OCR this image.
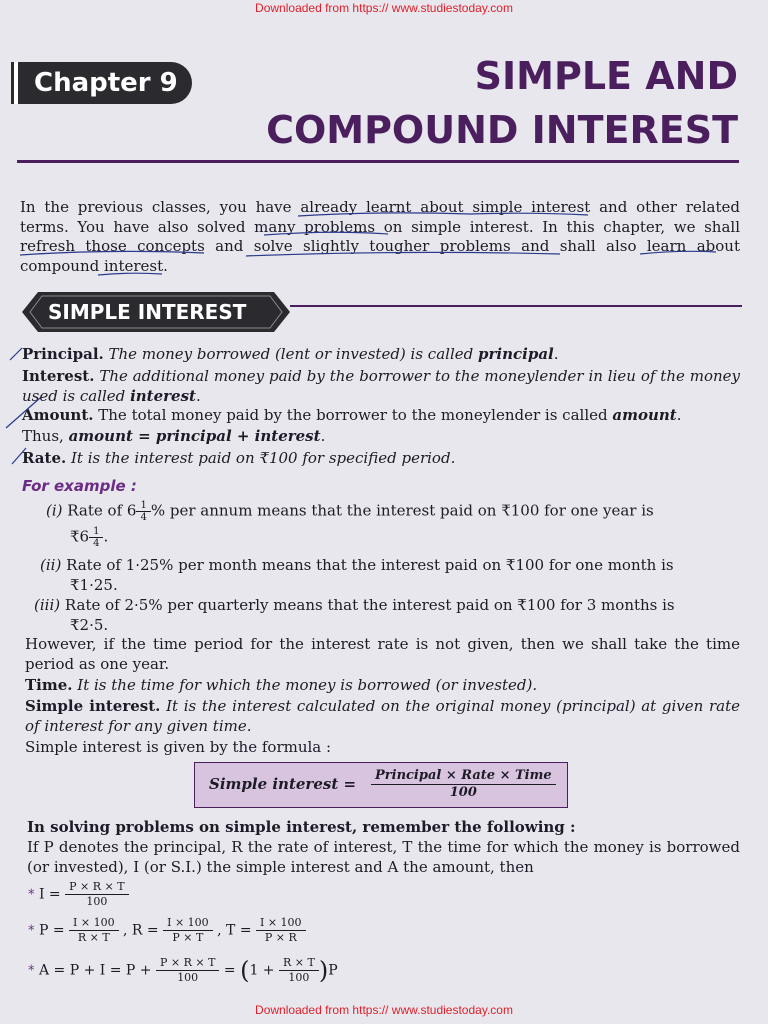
Downloaded from https:// www.studiestoday.com
Chapter 9	SIMPLE AND
COMPOUND INTEREST
In the previous classes, you have already learnt about simple interest and other related terms. You have also solved many problems on simple interest. In this chapter, we shall refresh those concepts and solve slightly tougher problems and shall also learn about compound interest.
SIMPLE INTEREST
Principal. The money borrowed (lent or invested) is called principal.
Interest. The additional money paid by the borrower to the moneylender in lieu of the money used is called interest.
Amount. The total money paid by the borrower to the moneylender is called amount.
Thus, amount = principal + interest.
Rate. It is the interest paid on ₹100 for specified period.
For example :
(i) Rate of $6 \frac{1}{4}$ % per annum means that the interest paid on ₹100 for one year is
₹6 $\frac{1}{4}$ .
(ii) Rate of 1·25% per month means that the interest paid on ₹100 for one month is
₹1·25.
(iii) Rate of 2·5% per quarterly means that the interest paid on ₹100 for 3 months is
₹2·5.
However, if the time period for the interest rate is not given, then we shall take the time period as one year.
Time. It is the time for which the money is borrowed (or invested).
Simple interest. It is the interest calculated on the original money (principal) at given rate of interest for any given time.
Simple interest is given by the formula :
Simple interest =	Principal × Rate × Time
100
In solving problems on simple interest, remember the following :
If P denotes the principal, R the rate of interest, T the time for which the money is borrowed (or invested), I (or S.I.) the simple interest and A the amount, then
* $I = \frac{P \times R \times T}{100}$
* $P = \frac{I \times 100}{R \times T}$ , $R = \frac{I \times 100}{P \times T}$ , $T = \frac{I \times 100}{P \times R}$
* $A = P + I = P + \frac{P \times R \times T}{100} = (1 + \frac{R \times T}{100} )P$
Downloaded from https:// www.studiestoday.com
